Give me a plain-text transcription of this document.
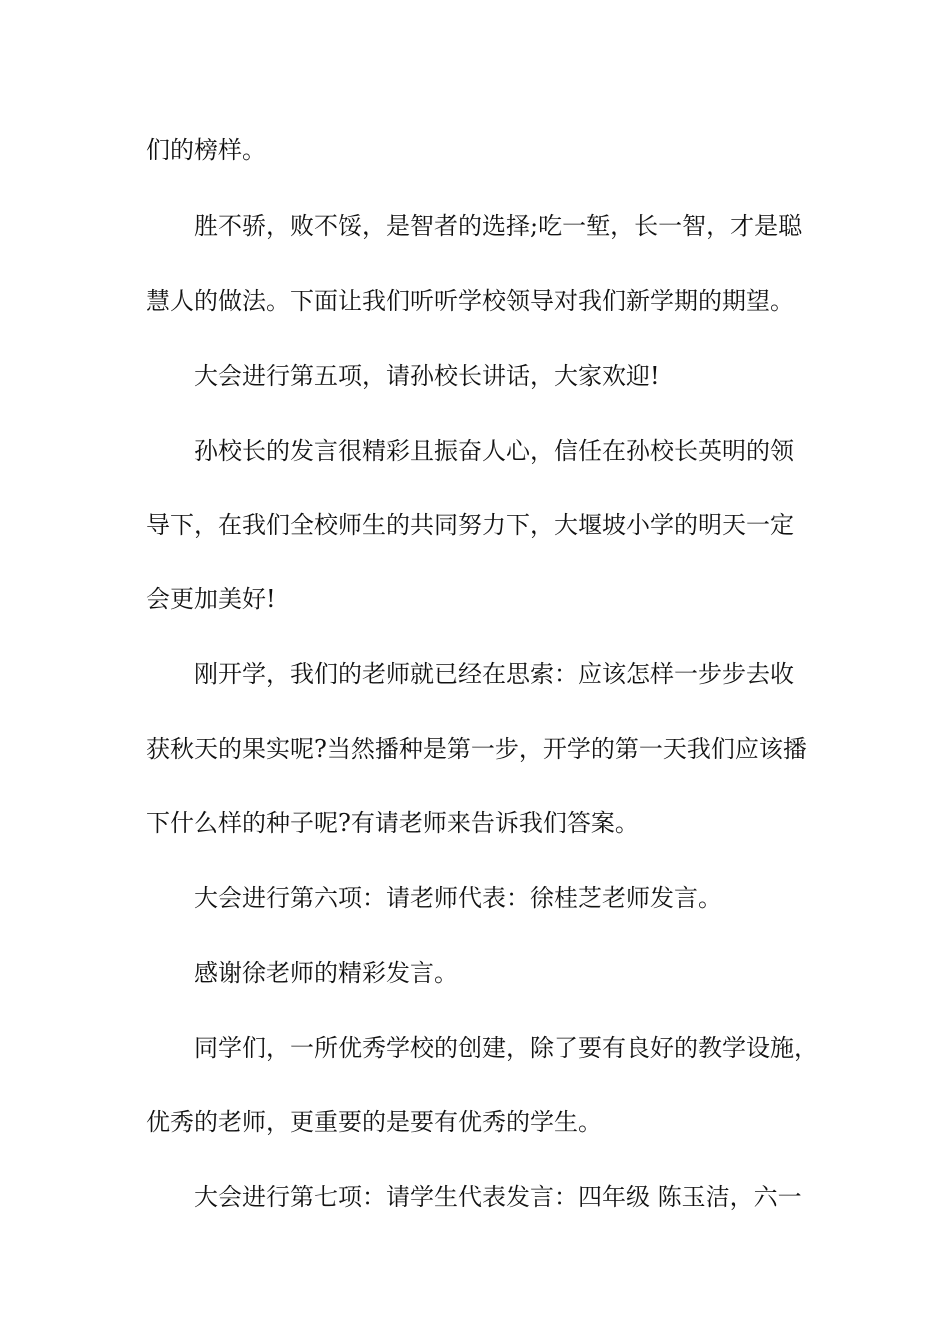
们的榜样。

胜不骄，败不馁，是智者的选择;吃一堑，长一智，才是聪

慧人的做法。下面让我们听听学校领导对我们新学期的期望。

大会进行第五项，请孙校长讲话，大家欢迎!

孙校长的发言很精彩且振奋人心，信任在孙校长英明的领

导下，在我们全校师生的共同努力下，大堰坡小学的明天一定

会更加美好!

刚开学，我们的老师就已经在思索：应该怎样一步步去收

获秋天的果实呢?当然播种是第一步，开学的第一天我们应该播

下什么样的种子呢?有请老师来告诉我们答案。

大会进行第六项：请老师代表：徐桂芝老师发言。

感谢徐老师的精彩发言。

同学们，一所优秀学校的创建，除了要有良好的教学设施，

优秀的老师，更重要的是要有优秀的学生。

大会进行第七项：请学生代表发言：四年级 陈玉洁，六一
